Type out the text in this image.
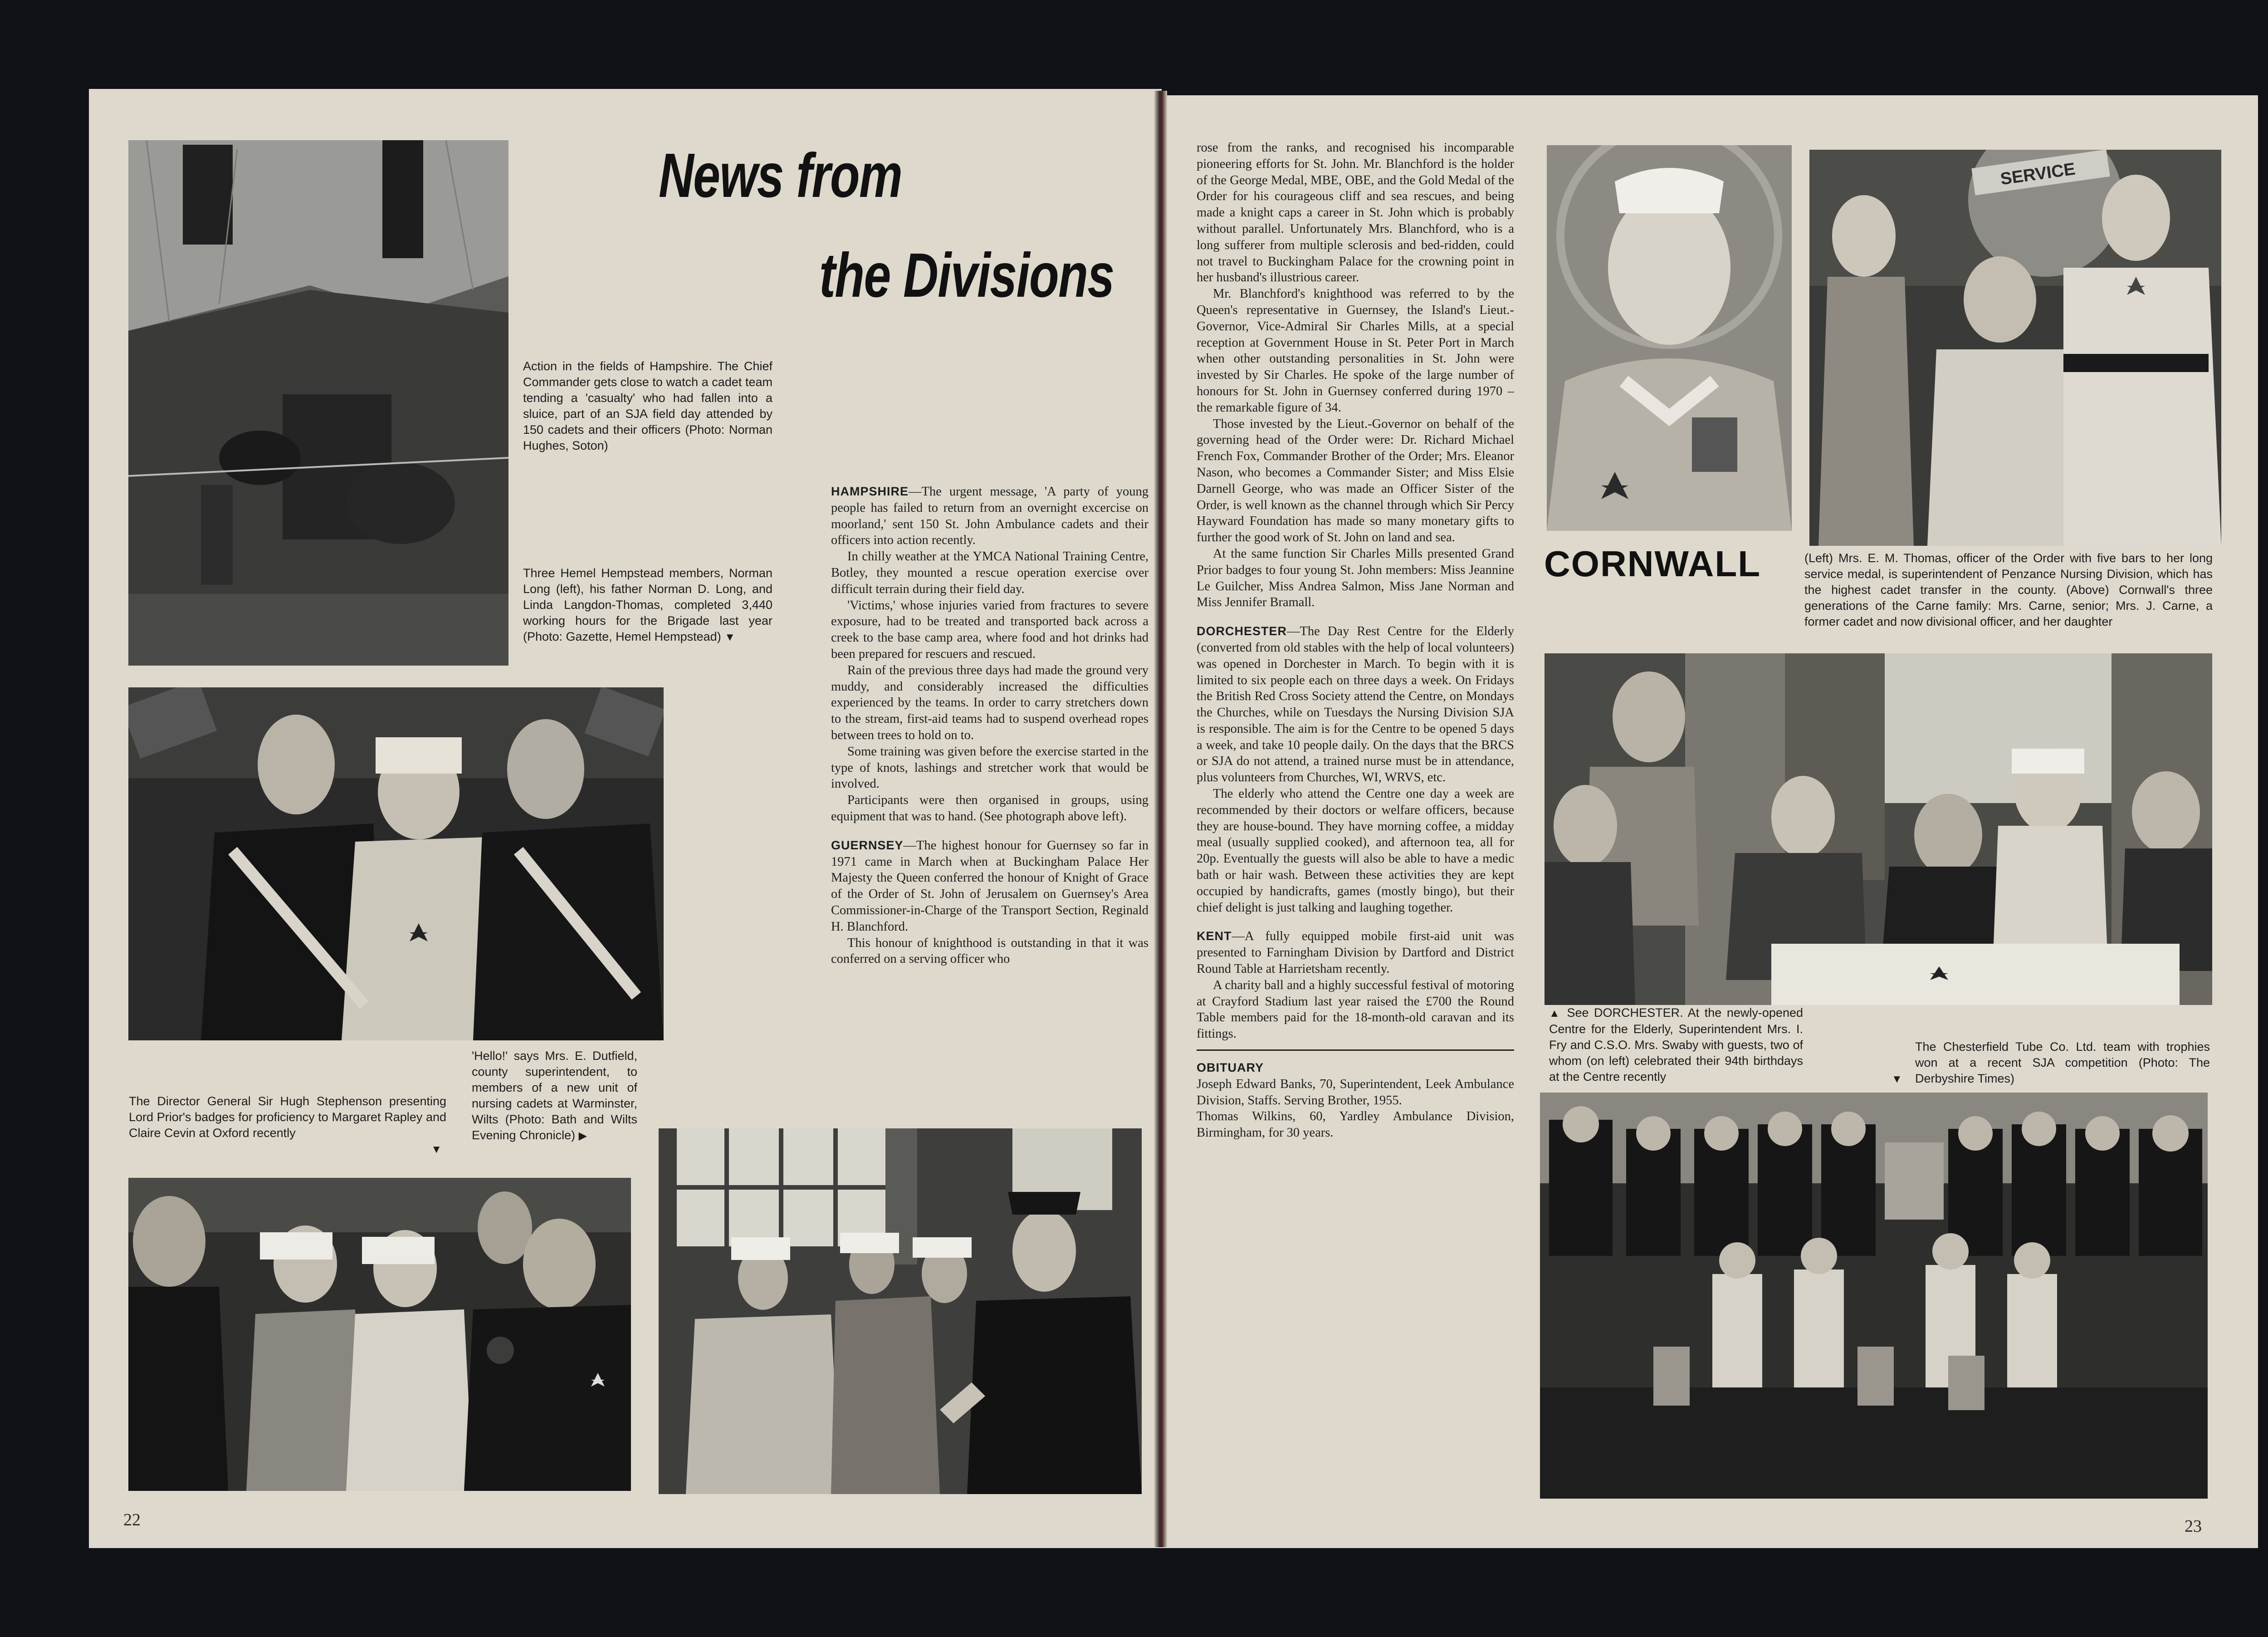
News from
the Divisions
Action in the fields of Hampshire. The Chief Commander gets close to watch a cadet team tending a 'casualty' who had fallen into a sluice, part of an SJA field day attended by 150 cadets and their officers (Photo: Norman Hughes, Soton)
Three Hemel Hempstead members, Norman Long (left), his father Norman D. Long, and Linda Langdon-Thomas, completed 3,440 working hours for the Brigade last year (Photo: Gazette, Hemel Hempstead) ▼
The Director General Sir Hugh Stephenson presenting Lord Prior's badges for proficiency to Margaret Rapley and Claire Cevin at Oxford recently
▼
'Hello!' says Mrs. E. Dutfield, county superintendent, to members of a new unit of nursing cadets at Warminster, Wilts (Photo: Bath and Wilts Evening Chronicle) ▶

HAMPSHIRE—The urgent message, 'A party of young people has failed to return from an overnight excercise on moorland,' sent 150 St. John Ambulance cadets and their officers into action recently.

In chilly weather at the YMCA National Training Centre, Botley, they mounted a rescue operation exercise over difficult terrain during their field day.

'Victims,' whose injuries varied from fractures to severe exposure, had to be treated and transported back across a creek to the base camp area, where food and hot drinks had been prepared for rescuers and rescued.

Rain of the previous three days had made the ground very muddy, and considerably increased the difficulties experienced by the teams. In order to carry stretchers down to the stream, first-aid teams had to suspend overhead ropes between trees to hold on to.

Some training was given before the exercise started in the type of knots, lashings and stretcher work that would be involved.

Participants were then organised in groups, using equipment that was to hand. (See photograph above left).

GUERNSEY—The highest honour for Guernsey so far in 1971 came in March when at Buckingham Palace Her Majesty the Queen conferred the honour of Knight of Grace of the Order of St. John of Jerusalem on Guernsey's Area Commissioner-in-Charge of the Transport Section, Reginald H. Blanchford.

This honour of knighthood is outstanding in that it was conferred on a serving officer who

22

rose from the ranks, and recognised his incomparable pioneering efforts for St. John. Mr. Blanchford is the holder of the George Medal, MBE, OBE, and the Gold Medal of the Order for his courageous cliff and sea rescues, and being made a knight caps a career in St. John which is probably without parallel. Unfortunately Mrs. Blanchford, who is a long sufferer from multiple sclerosis and bed-ridden, could not travel to Buckingham Palace for the crowning point in her husband's illustrious career.

Mr. Blanchford's knighthood was referred to by the Queen's representative in Guernsey, the Island's Lieut.-Governor, Vice-Admiral Sir Charles Mills, at a special reception at Government House in St. Peter Port in March when other outstanding personalities in St. John were invested by Sir Charles. He spoke of the large number of honours for St. John in Guernsey conferred during 1970 – the remarkable figure of 34.

Those invested by the Lieut.-Governor on behalf of the governing head of the Order were: Dr. Richard Michael French Fox, Commander Brother of the Order; Mrs. Eleanor Nason, who becomes a Commander Sister; and Miss Elsie Darnell George, who was made an Officer Sister of the Order, is well known as the channel through which Sir Percy Hayward Foundation has made so many monetary gifts to further the good work of St. John on land and sea.

At the same function Sir Charles Mills presented Grand Prior badges to four young St. John members: Miss Jeannine Le Guilcher, Miss Andrea Salmon, Miss Jane Norman and Miss Jennifer Bramall.

DORCHESTER—The Day Rest Centre for the Elderly (converted from old stables with the help of local volunteers) was opened in Dorchester in March. To begin with it is limited to six people each on three days a week. On Fridays the British Red Cross Society attend the Centre, on Mondays the Churches, while on Tuesdays the Nursing Division SJA is responsible. The aim is for the Centre to be opened 5 days a week, and take 10 people daily. On the days that the BRCS or SJA do not attend, a trained nurse must be in attendance, plus volunteers from Churches, WI, WRVS, etc.

The elderly who attend the Centre one day a week are recommended by their doctors or welfare officers, because they are house-bound. They have morning coffee, a midday meal (usually supplied cooked), and afternoon tea, all for 20p. Eventually the guests will also be able to have a medic bath or hair wash. Between these activities they are kept occupied by handicrafts, games (mostly bingo), but their chief delight is just talking and laughing together.

KENT—A fully equipped mobile first-aid unit was presented to Farningham Division by Dartford and District Round Table at Harrietsham recently.

A charity ball and a highly successful festival of motoring at Crayford Stadium last year raised the £700 the Round Table members paid for the 18-month-old caravan and its fittings.

OBITUARY

Joseph Edward Banks, 70, Superintendent, Leek Ambulance Division, Staffs. Serving Brother, 1955.

Thomas Wilkins, 60, Yardley Ambulance Division, Birmingham, for 30 years.

SERVICE
CORNWALL	(Left) Mrs. E. M. Thomas, officer of the Order with five bars to her long service medal, is superintendent of Penzance Nursing Division, which has the highest cadet transfer in the county. (Above) Cornwall's three generations of the Carne family: Mrs. Carne, senior; Mrs. J. Carne, a former cadet and now divisional officer, and her daughter
▲ See DORCHESTER. At the newly-opened Centre for the Elderly, Superintendent Mrs. I. Fry and C.S.O. Mrs. Swaby with guests, two of whom (on left) celebrated their 94th birthdays at the Centre recently
The Chesterfield Tube Co. Ltd. team with trophies won at a recent SJA competition (Photo: The Derbyshire Times)
▼
23
